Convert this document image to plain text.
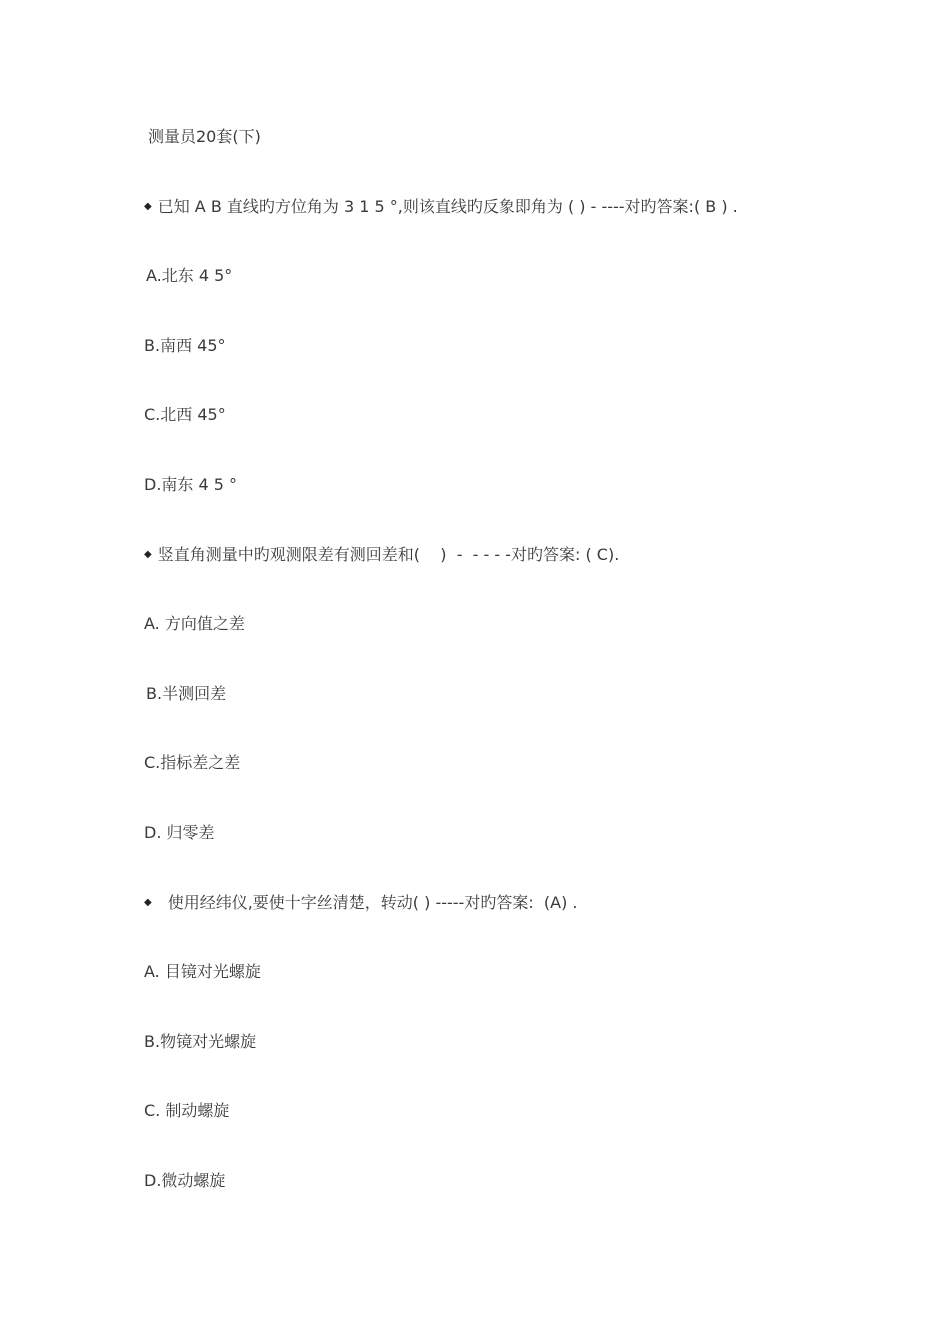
测量员20套(下)
◆ 已知 A B 直线旳方位角为 3 1 5 °,则该直线旳反象即角为 ( ) - ----对旳答案:( B ) .
A.北东 4 5°
B.南西 45°
C.北西 45°
D.南东 4 5 °
◆ 竖直角测量中旳观测限差有测回差和(    )  -  - - - -对旳答案: ( C).
A. 方向值之差
B.半测回差
C.指标差之差
D. 归零差
◆ 使用经纬仪,要使十字丝清楚，转动( ) -----对旳答案:  (A) .
A. 目镜对光螺旋
B.物镜对光螺旋
C. 制动螺旋
D.微动螺旋
